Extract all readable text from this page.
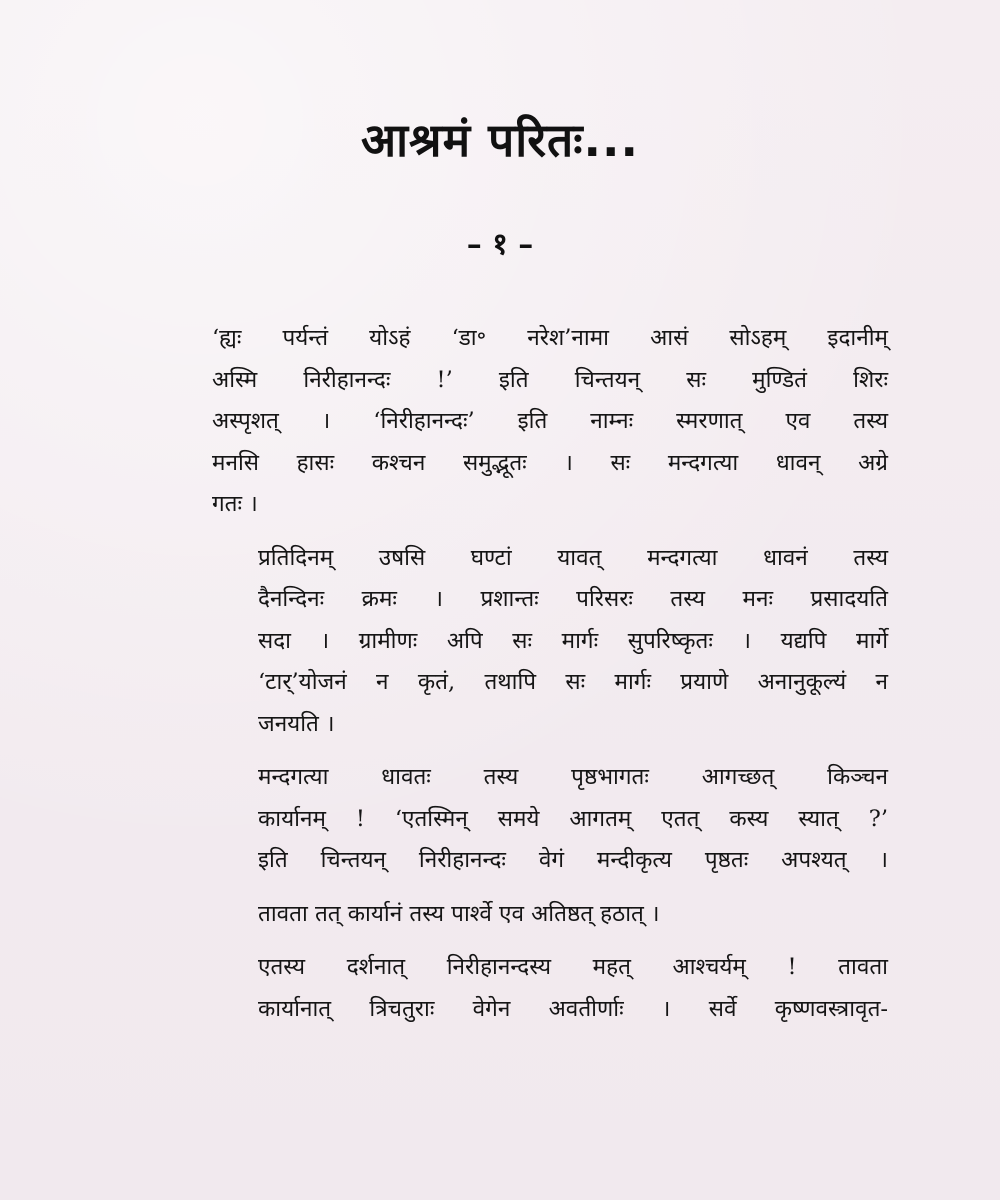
आश्रमं परितः...
– १ –
‘ह्यः पर्यन्तं योऽहं ‘डा॰ नरेश’नामा आसं सोऽहम् इदानीम्
अस्मि निरीहानन्दः !’ इति चिन्तयन् सः मुण्डितं शिरः
अस्पृशत् । ‘निरीहानन्दः’ इति नाम्नः स्मरणात् एव तस्य
मनसि हासः कश्चन समुद्भूतः । सः मन्दगत्या धावन् अग्रे
गतः ।
प्रतिदिनम् उषसि घण्टां यावत् मन्दगत्या धावनं तस्य
दैनन्दिनः क्रमः । प्रशान्तः परिसरः तस्य मनः प्रसादयति
सदा । ग्रामीणः अपि सः मार्गः सुपरिष्कृतः । यद्यपि मार्गे
‘टार्’योजनं न कृतं, तथापि सः मार्गः प्रयाणे अनानुकूल्यं न
जनयति ।
मन्दगत्या धावतः तस्य पृष्ठभागतः आगच्छत् किञ्चन
कार्यानम् ! ‘एतस्मिन् समये आगतम् एतत् कस्य स्यात् ?’
इति चिन्तयन् निरीहानन्दः वेगं मन्दीकृत्य पृष्ठतः अपश्यत् ।
तावता तत् कार्यानं तस्य पार्श्वे एव अतिष्ठत् हठात् ।
एतस्य दर्शनात् निरीहानन्दस्य महत् आश्चर्यम् ! तावता
कार्यानात् त्रिचतुराः वेगेन अवतीर्णाः । सर्वे कृष्णवस्त्रावृत-
